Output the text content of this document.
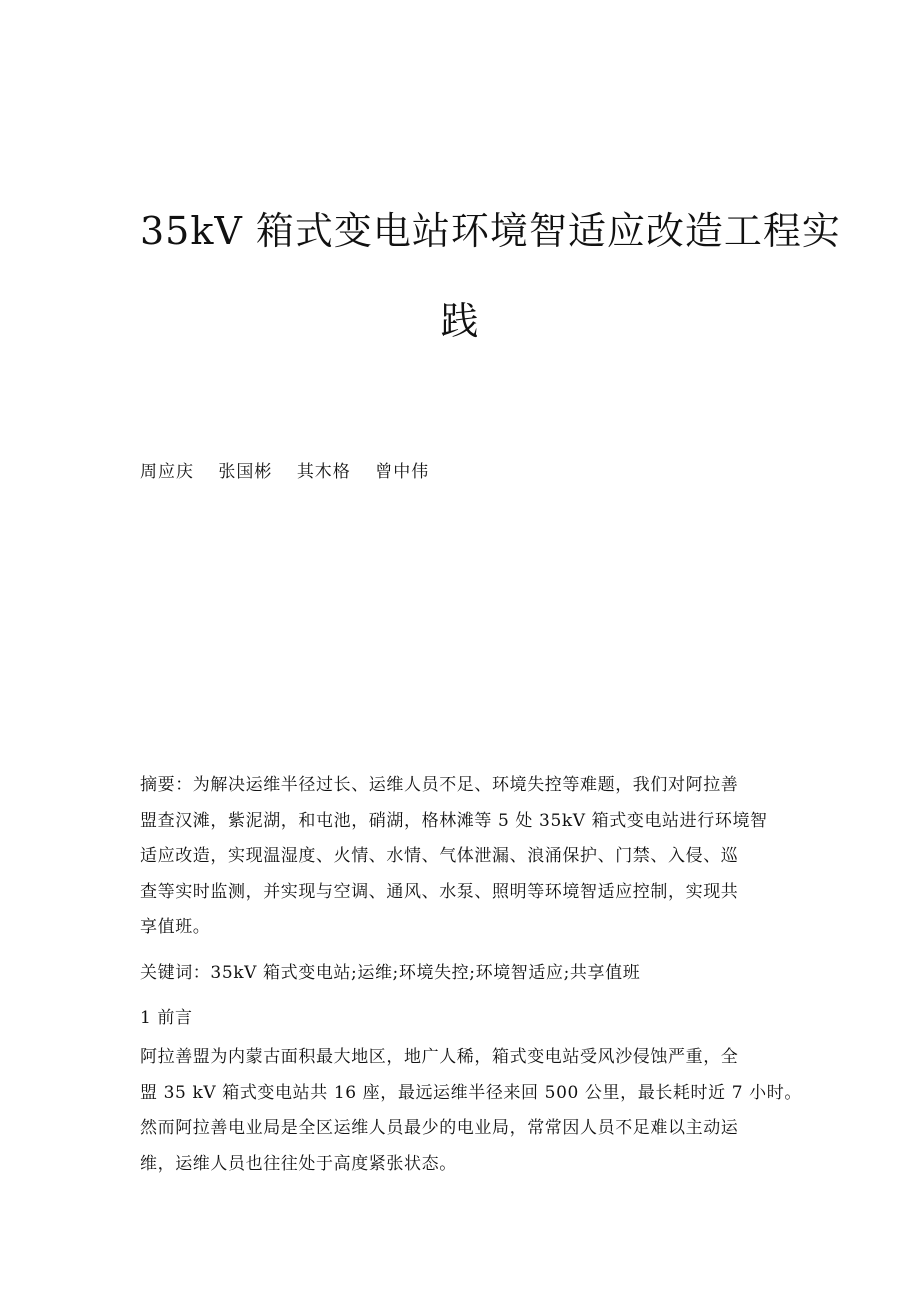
35kV 箱式变电站环境智适应改造工程实
践
周应庆 张国彬 其木格 曾中伟
摘要：为解决运维半径过长、运维人员不足、环境失控等难题，我们对阿拉善
盟查汉滩，紫泥湖，和屯池，硝湖，格林滩等 5 处 35kV 箱式变电站进行环境智
适应改造，实现温湿度、火情、水情、气体泄漏、浪涌保护、门禁、入侵、巡
查等实时监测，并实现与空调、通风、水泵、照明等环境智适应控制，实现共
享值班。
关键词：35kV 箱式变电站;运维;环境失控;环境智适应;共享值班
1 前言
阿拉善盟为内蒙古面积最大地区，地广人稀，箱式变电站受风沙侵蚀严重，全
盟 35 kV 箱式变电站共 16 座，最远运维半径来回 500 公里，最长耗时近 7 小时。
然而阿拉善电业局是全区运维人员最少的电业局，常常因人员不足难以主动运
维，运维人员也往往处于高度紧张状态。
